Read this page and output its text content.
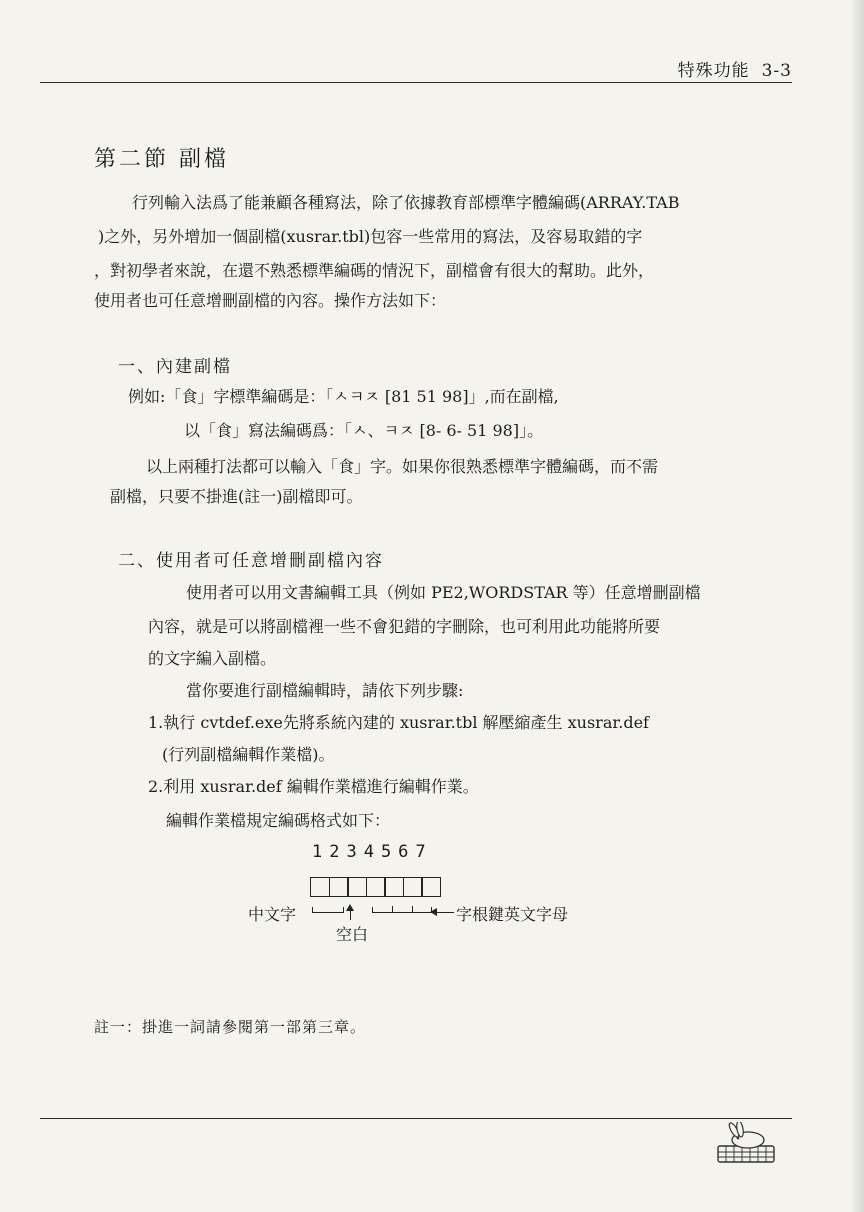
特殊功能 3-3
第二節 副檔
行列輸入法爲了能兼顧各種寫法，除了依據教育部標準字體編碼(ARRAY.TAB
)之外，另外增加一個副檔(xusrar.tbl)包容一些常用的寫法，及容易取錯的字
，對初學者來說，在還不熟悉標準編碼的情況下，副檔會有很大的幫助。此外，
使用者也可任意增刪副檔的內容。操作方法如下：
一、內建副檔
例如:「食」字標準編碼是：「ㅅㅋㅈ [81 51 98]」,而在副檔,
以「食」寫法編碼爲：「ㅅ、ㅋㅈ [8- 6- 51 98]」。
以上兩種打法都可以輸入「食」字。如果你很熟悉標準字體編碼，而不需
副檔，只要不掛進(註一)副檔即可。
二、使用者可任意增刪副檔內容
使用者可以用文書編輯工具（例如 PE2,WORDSTAR 等）任意增刪副檔
內容，就是可以將副檔裡一些不會犯錯的字刪除，也可利用此功能將所要
的文字編入副檔。
當你要進行副檔編輯時，請依下列步驟:
1.執行 cvtdef.exe先將系統內建的 xusrar.tbl 解壓縮產生 xusrar.def
(行列副檔編輯作業檔)。
2.利用 xusrar.def 編輯作業檔進行編輯作業。
編輯作業檔規定編碼格式如下：
1234567
中文字
空白
字根鍵英文字母
註一：掛進一詞請參閱第一部第三章。
